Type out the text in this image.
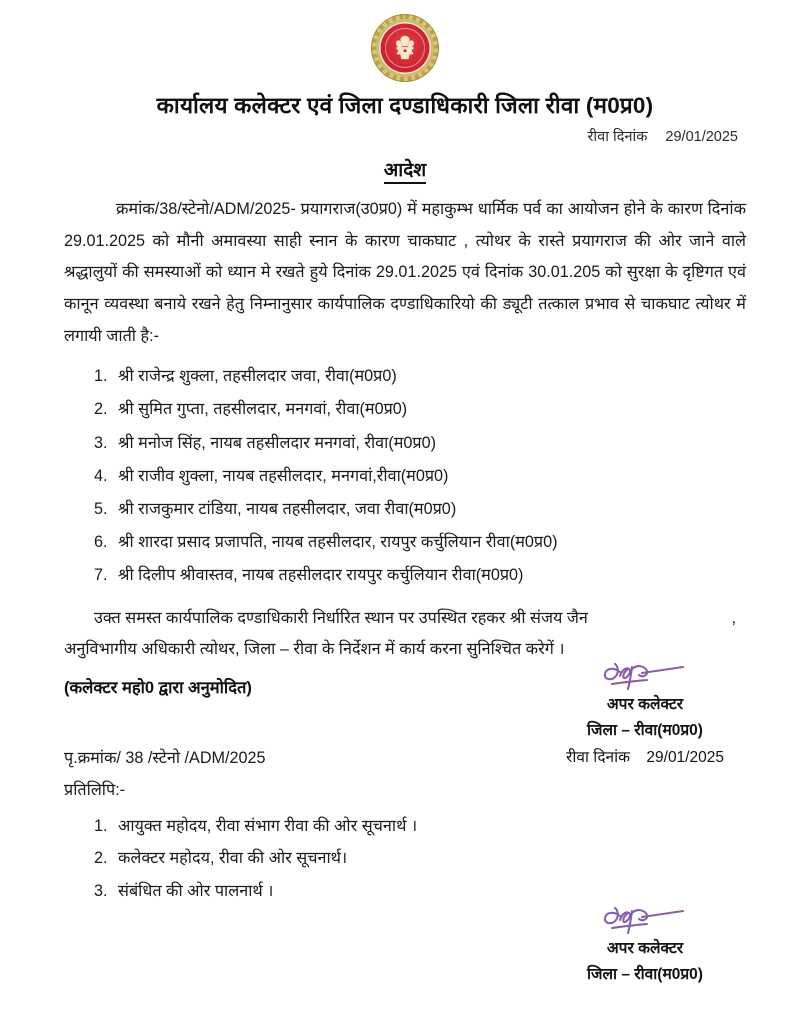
कार्यालय कलेक्टर एवं जिला दण्डाधिकारी जिला रीवा (म0प्र0)
रीवा दिनांक 29/01/2025
आदेश

क्रमांक/38/स्टेनो/ADM/2025- प्रयागराज(उ0प्र0) में महाकुम्भ धार्मिक पर्व का आयोजन होने के कारण दिनांक 29.01.2025 को मौनी अमावस्या साही स्नान के कारण चाकघाट , त्योथर के रास्ते प्रयागराज की ओर जाने वाले श्रद्धालुयों की समस्याओं को ध्यान मे रखते हुये दिनांक 29.01.2025 एवं दिनांक 30.01.205 को सुरक्षा के दृष्टिगत एवं कानून व्यवस्था बनाये रखने हेतु निम्नानुसार कार्यपालिक दण्डाधिकारियो की ड्यूटी तत्काल प्रभाव से चाकघाट त्योथर में लगायी जाती है:-

1. श्री राजेन्द्र शुक्ला, तहसीलदार जवा, रीवा(म0प्र0)
2. श्री सुमित गुप्ता, तहसीलदार, मनगवां, रीवा(म0प्र0)
3. श्री मनोज सिंह, नायब तहसीलदार मनगवां, रीवा(म0प्र0)
4. श्री राजीव शुक्ला, नायब तहसीलदार, मनगवां,रीवा(म0प्र0)
5. श्री राजकुमार टांडिया, नायब तहसीलदार, जवा रीवा(म0प्र0)
6. श्री शारदा प्रसाद प्रजापति, नायब तहसीलदार, रायपुर कर्चुलियान रीवा(म0प्र0)
7. श्री दिलीप श्रीवास्तव, नायब तहसीलदार रायपुर कर्चुलियान रीवा(म0प्र0)
उक्त समस्त कार्यपालिक दण्डाधिकारी निर्धारित स्थान पर उपस्थित रहकर श्री संजय जैन	,
अनुविभागीय अधिकारी त्योथर, जिला – रीवा के निर्देशन में कार्य करना सुनिश्चित करेगें ।
(कलेक्टर महो0 द्वारा अनुमोदित)
अपर कलेक्टर
जिला – रीवा(म0प्र0)
रीवा दिनांक 29/01/2025

पृ.क्रमांक/ 38 /स्टेनो /ADM/2025

प्रतिलिपि:-

1. आयुक्त महोदय, रीवा संभाग रीवा की ओर सूचनार्थ ।
2. कलेक्टर महोदय, रीवा की ओर सूचनार्थ।
3. संबंधित की ओर पालनार्थ ।
अपर कलेक्टर
जिला – रीवा(म0प्र0)
